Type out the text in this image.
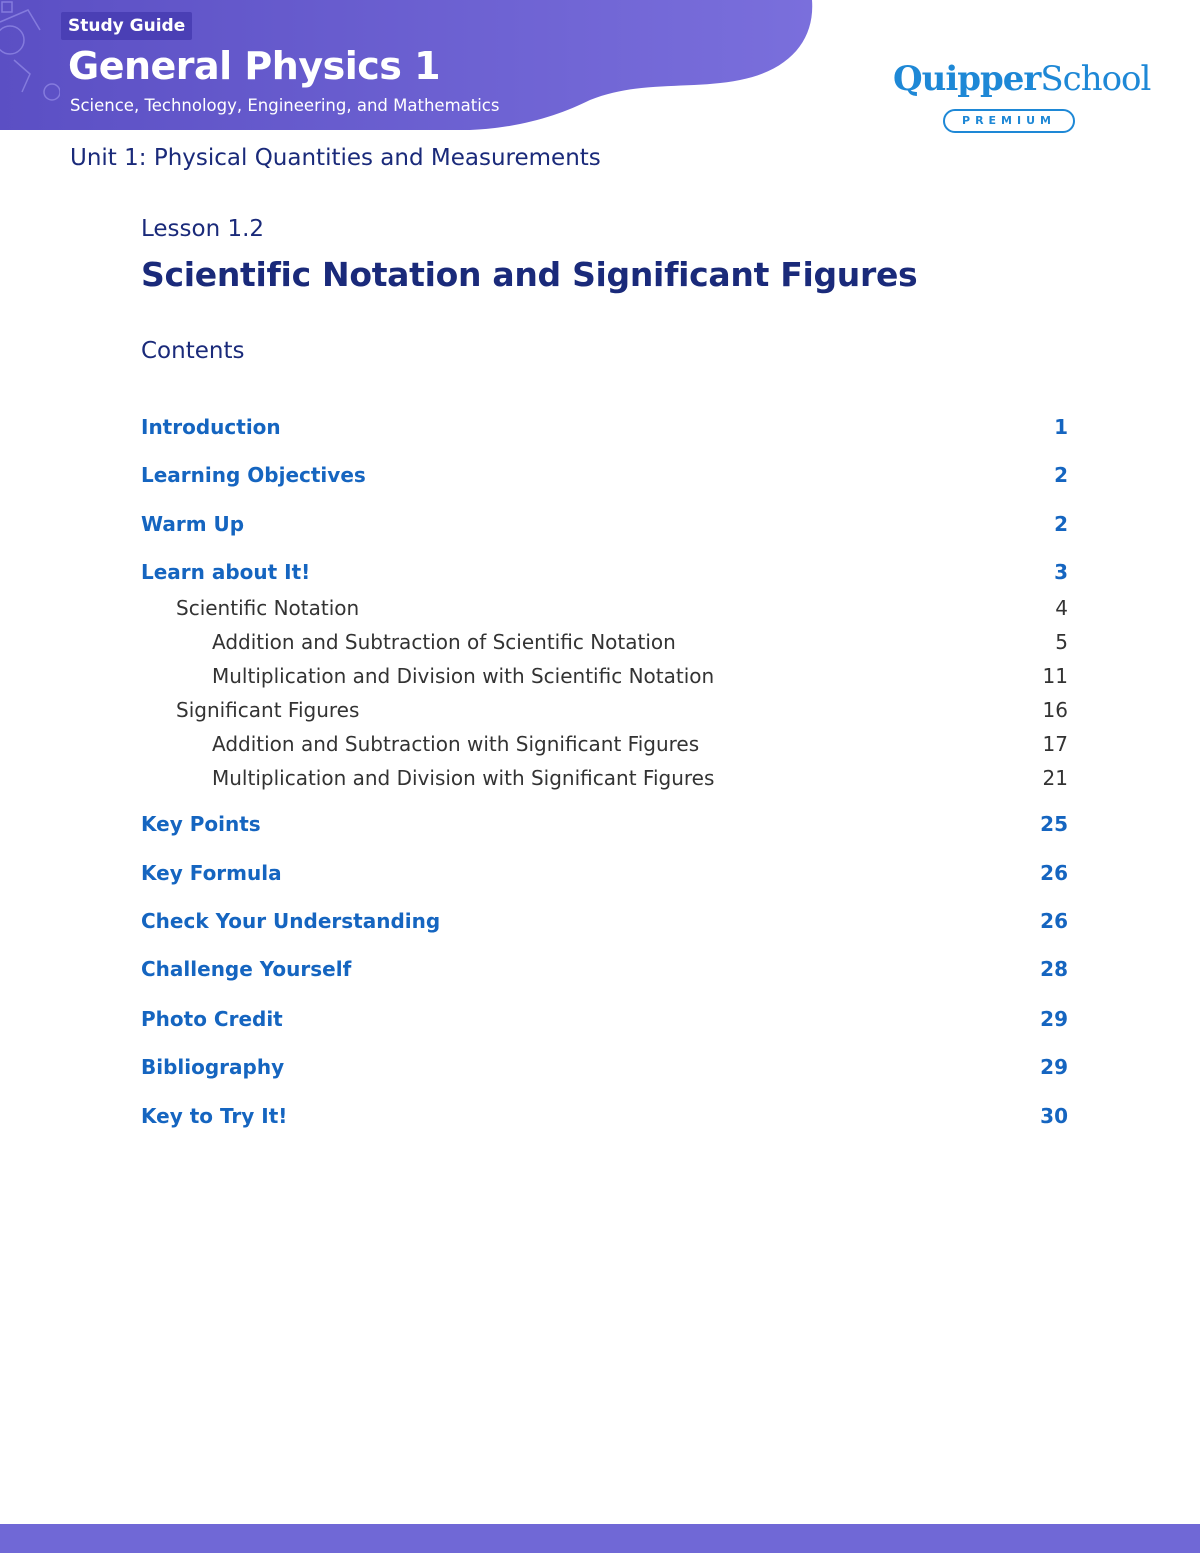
Study Guide
General Physics 1
Science, Technology, Engineering, and Mathematics
QuipperSchool
PREMIUM
Unit 1: Physical Quantities and Measurements
Lesson 1.2
Scientific Notation and Significant Figures
Contents
Introduction	1
Learning Objectives	2
Warm Up	2
Learn about It!	3
Scientific Notation	4
Addition and Subtraction of Scientific Notation	5
Multiplication and Division with Scientific Notation	11
Significant Figures	16
Addition and Subtraction with Significant Figures	17
Multiplication and Division with Significant Figures	21
Key Points	25
Key Formula	26
Check Your Understanding	26
Challenge Yourself	28
Photo Credit	29
Bibliography	29
Key to Try It!	30
